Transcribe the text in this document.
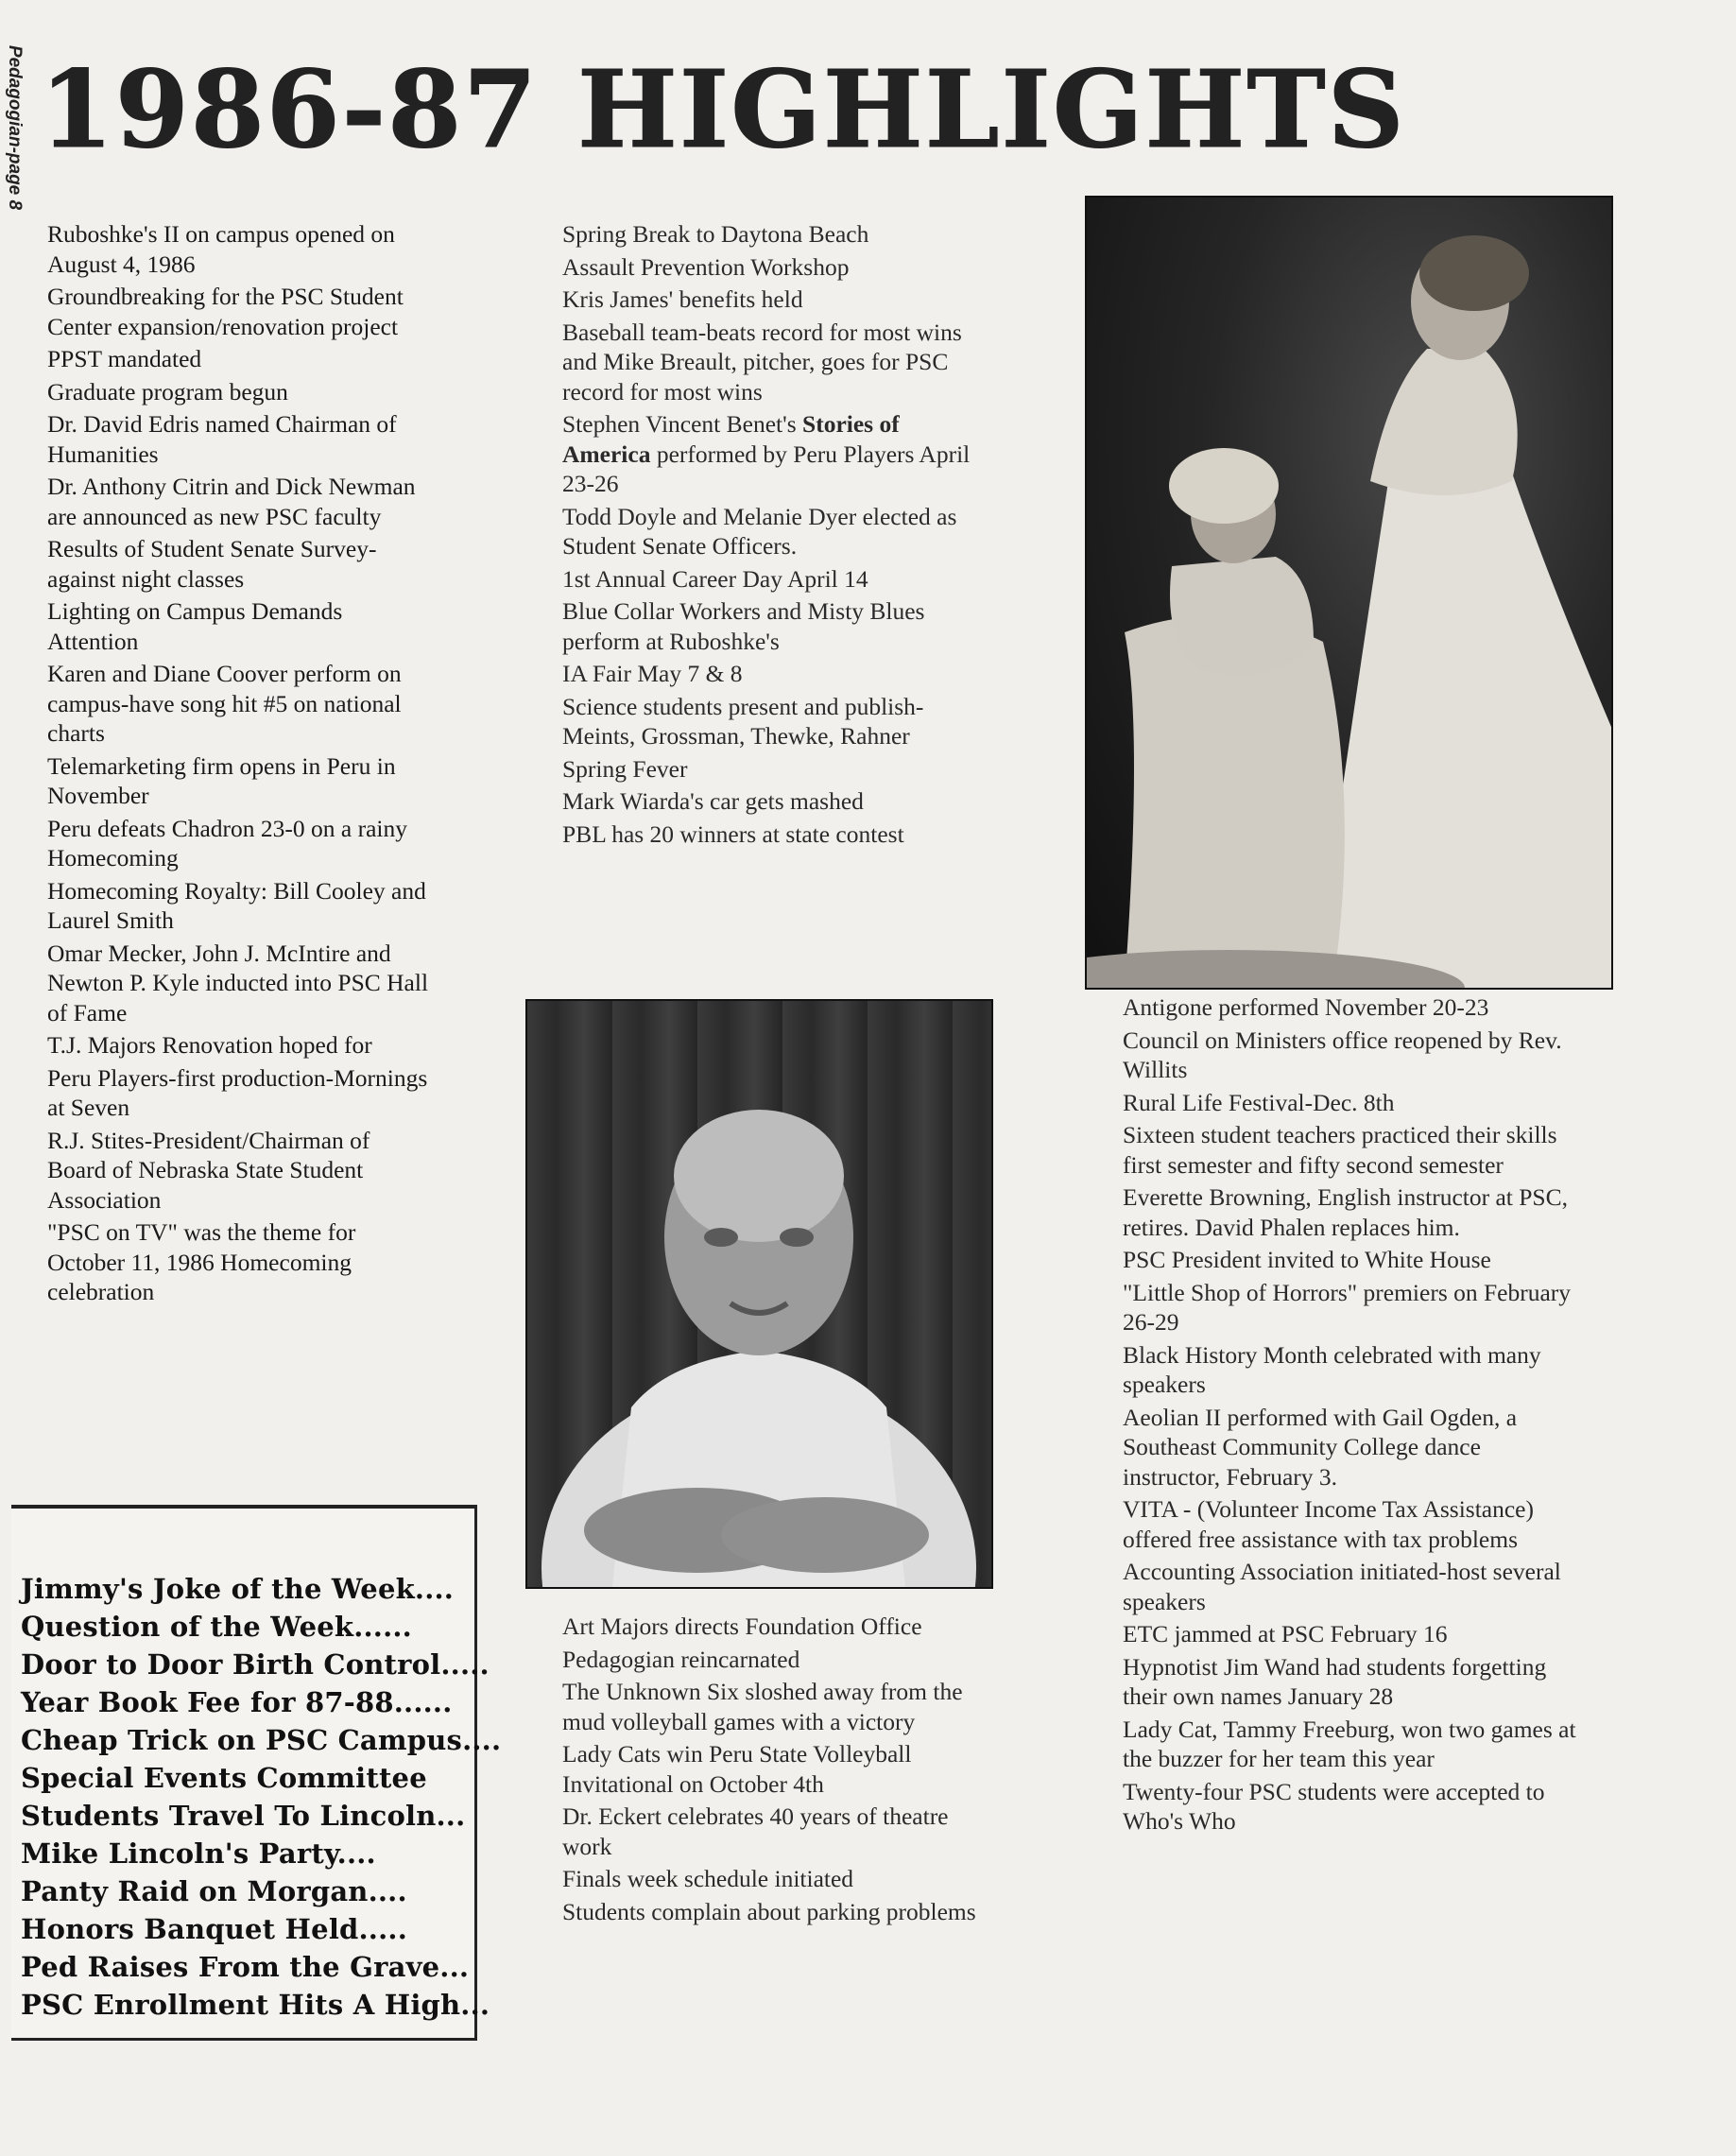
Pedagogian-page 8 1986-87 HIGHLIGHTS
Ruboshke's II on campus opened on August 4, 1986
Groundbreaking for the PSC Student Center expansion/renovation project
PPST mandated
Graduate program begun
Dr. David Edris named Chairman of Humanities
Dr. Anthony Citrin and Dick Newman are announced as new PSC faculty
Results of Student Senate Survey-against night classes
Lighting on Campus Demands Attention
Karen and Diane Coover perform on campus-have song hit #5 on national charts
Telemarketing firm opens in Peru in November
Peru defeats Chadron 23-0 on a rainy Homecoming
Homecoming Royalty: Bill Cooley and Laurel Smith
Omar Mecker, John J. McIntire and Newton P. Kyle inducted into PSC Hall of Fame
T.J. Majors Renovation hoped for
Peru Players-first production-Mornings at Seven
R.J. Stites-President/Chairman of Board of Nebraska State Student Association
"PSC on TV" was the theme for October 11, 1986 Homecoming celebration
Spring Break to Daytona Beach
Assault Prevention Workshop
Kris James' benefits held
Baseball team-beats record for most wins and Mike Breault, pitcher, goes for PSC record for most wins
Stephen Vincent Benet's Stories of America performed by Peru Players April 23-26
Todd Doyle and Melanie Dyer elected as Student Senate Officers.
1st Annual Career Day April 14
Blue Collar Workers and Misty Blues perform at Ruboshke's
IA Fair May 7 & 8
Science students present and publish-Meints, Grossman, Thewke, Rahner
Spring Fever
Mark Wiarda's car gets mashed
PBL has 20 winners at state contest
Art Majors directs Foundation Office
Pedagogian reincarnated
The Unknown Six sloshed away from the mud volleyball games with a victory
Lady Cats win Peru State Volleyball Invitational on October 4th
Dr. Eckert celebrates 40 years of theatre work
Finals week schedule initiated
Students complain about parking problems
Antigone performed November 20-23
Council on Ministers office reopened by Rev. Willits
Rural Life Festival-Dec. 8th
Sixteen student teachers practiced their skills first semester and fifty second semester
Everette Browning, English instructor at PSC, retires. David Phalen replaces him.
PSC President invited to White House
"Little Shop of Horrors" premiers on February 26-29
Black History Month celebrated with many speakers
Aeolian II performed with Gail Ogden, a Southeast Community College dance instructor, February 3.
VITA - (Volunteer Income Tax Assistance) offered free assistance with tax problems
Accounting Association initiated-host several speakers
ETC jammed at PSC February 16
Hypnotist Jim Wand had students forgetting their own names January 28
Lady Cat, Tammy Freeburg, won two games at the buzzer for her team this year
Twenty-four PSC students were accepted to Who's Who
Jimmy's Joke of the Week....
Question of the Week......
Door to Door Birth Control.....
Year Book Fee for 87-88......
Cheap Trick on PSC Campus....
Special Events Committee
Students Travel To Lincoln...
Mike Lincoln's Party....
Panty Raid on Morgan....
Honors Banquet Held.....
Ped Raises From the Grave...
PSC Enrollment Hits A High...
